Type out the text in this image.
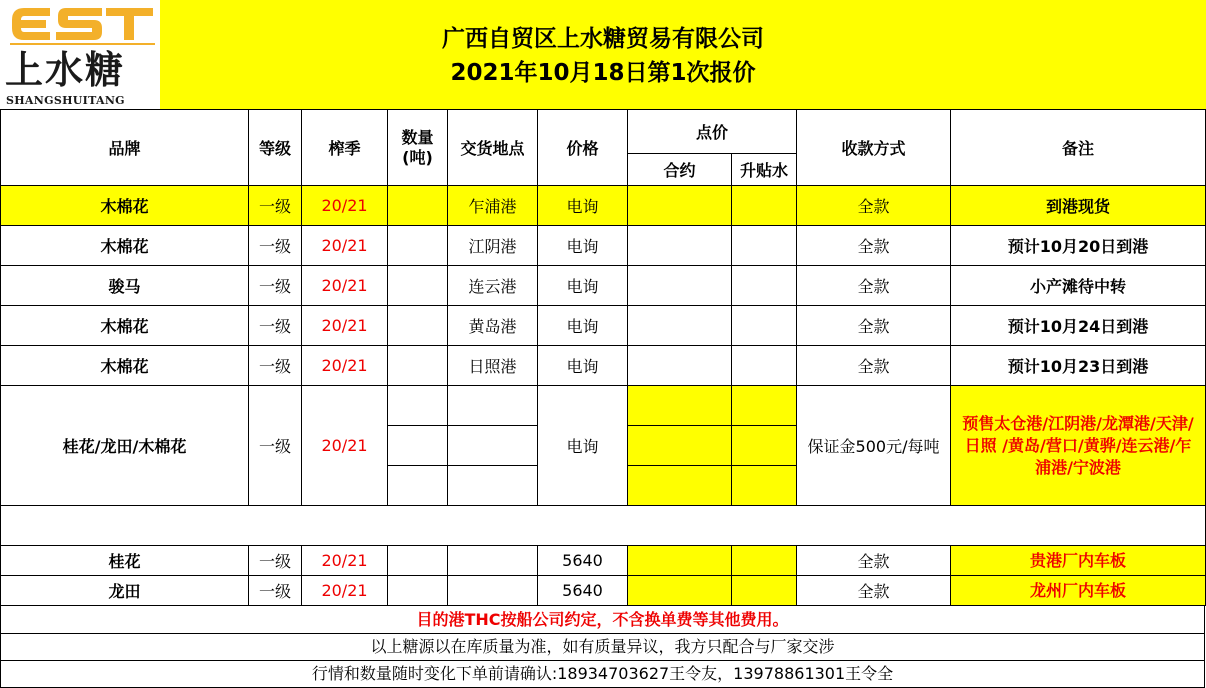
上水糖
SHANGSHUITANG
广西自贸区上水糖贸易有限公司
2021年10月18日第1次报价
品牌	等级	榨季	数量(吨)	交货地点	价格	点价		收款方式	备注
						合约	升贴水		
木棉花	一级	20/21		乍浦港	电询			全款	到港现货
木棉花	一级	20/21		江阴港	电询			全款	预计10月20日到港
骏马	一级	20/21		连云港	电询			全款	小产滩待中转
木棉花	一级	20/21		黄岛港	电询			全款	预计10月24日到港
木棉花	一级	20/21		日照港	电询			全款	预计10月23日到港
桂花/龙田/木棉花	一级	20/21			电询			保证金500元/每吨	预售太仓港/江阴港/龙潭港/天津/日照 /黄岛/营口/黄骅/连云港/乍浦港/宁波港

桂花	一级	20/21			5640			全款	贵港厂内车板
龙田	一级	20/21			5640			全款	龙州厂内车板
目的港THC按船公司约定，不含换单费等其他费用。
以上糖源以在库质量为准，如有质量异议，我方只配合与厂家交涉
行情和数量随时变化下单前请确认:18934703627王令友，13978861301王令全
